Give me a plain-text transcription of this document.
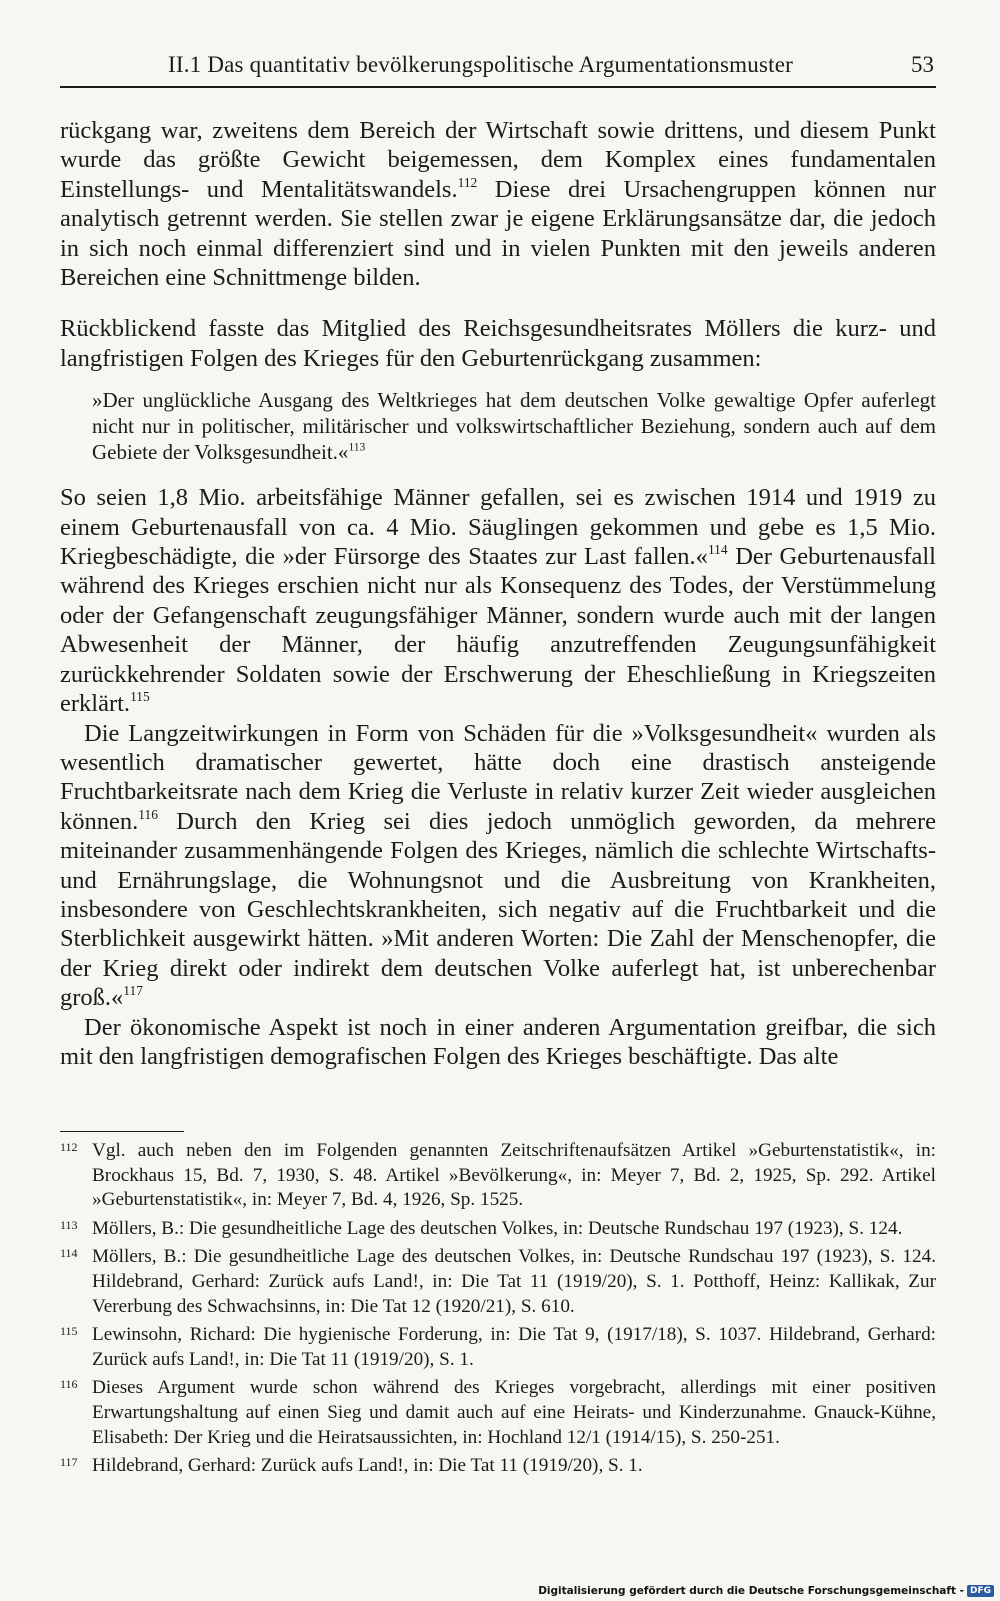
II.1 Das quantitativ bevölkerungspolitische Argumentationsmuster	53

rückgang war, zweitens dem Bereich der Wirtschaft sowie drittens, und diesem Punkt wurde das größte Gewicht beigemessen, dem Komplex eines fundamentalen Einstellungs- und Mentalitätswandels.$^{112}$ Diese drei Ursachengruppen können nur analytisch getrennt werden. Sie stellen zwar je eigene Erklärungsansätze dar, die jedoch in sich noch einmal differenziert sind und in vielen Punkten mit den jeweils anderen Bereichen eine Schnittmenge bilden.

Rückblickend fasste das Mitglied des Reichsgesundheitsrates Möllers die kurz- und langfristigen Folgen des Krieges für den Geburtenrückgang zusammen:

»Der unglückliche Ausgang des Weltkrieges hat dem deutschen Volke gewaltige Opfer auferlegt nicht nur in politischer, militärischer und volkswirtschaftlicher Beziehung, sondern auch auf dem Gebiete der Volksgesundheit.«$^{113}$

So seien 1,8 Mio. arbeitsfähige Männer gefallen, sei es zwischen 1914 und 1919 zu einem Geburtenausfall von ca. 4 Mio. Säuglingen gekommen und gebe es 1,5 Mio. Kriegbeschädigte, die »der Fürsorge des Staates zur Last fallen.«$^{114}$ Der Geburtenausfall während des Krieges erschien nicht nur als Konsequenz des Todes, der Verstümmelung oder der Gefangenschaft zeugungsfähiger Männer, sondern wurde auch mit der langen Abwesenheit der Männer, der häufig anzutreffenden Zeugungsunfähigkeit zurückkehrender Soldaten sowie der Erschwerung der Eheschließung in Kriegszeiten erklärt.$^{115}$

Die Langzeitwirkungen in Form von Schäden für die »Volksgesundheit« wurden als wesentlich dramatischer gewertet, hätte doch eine drastisch ansteigende Fruchtbarkeitsrate nach dem Krieg die Verluste in relativ kurzer Zeit wieder ausgleichen können.$^{116}$ Durch den Krieg sei dies jedoch unmöglich geworden, da mehrere miteinander zusammenhängende Folgen des Krieges, nämlich die schlechte Wirtschafts- und Ernährungslage, die Wohnungsnot und die Ausbreitung von Krankheiten, insbesondere von Geschlechtskrankheiten, sich negativ auf die Fruchtbarkeit und die Sterblichkeit ausgewirkt hätten. »Mit anderen Worten: Die Zahl der Menschenopfer, die der Krieg direkt oder indirekt dem deutschen Volke auferlegt hat, ist unberechenbar groß.«$^{117}$

Der ökonomische Aspekt ist noch in einer anderen Argumentation greifbar, die sich mit den langfristigen demografischen Folgen des Krieges beschäftigte. Das alte

112 Vgl. auch neben den im Folgenden genannten Zeitschriftenaufsätzen Artikel »Geburtenstatistik«, in: Brockhaus 15, Bd. 7, 1930, S. 48. Artikel »Bevölkerung«, in: Meyer 7, Bd. 2, 1925, Sp. 292. Artikel »Geburtenstatistik«, in: Meyer 7, Bd. 4, 1926, Sp. 1525.
113 Möllers, B.: Die gesundheitliche Lage des deutschen Volkes, in: Deutsche Rundschau 197 (1923), S. 124.
114 Möllers, B.: Die gesundheitliche Lage des deutschen Volkes, in: Deutsche Rundschau 197 (1923), S. 124. Hildebrand, Gerhard: Zurück aufs Land!, in: Die Tat 11 (1919/20), S. 1. Potthoff, Heinz: Kallikak, Zur Vererbung des Schwachsinns, in: Die Tat 12 (1920/21), S. 610.
115 Lewinsohn, Richard: Die hygienische Forderung, in: Die Tat 9, (1917/18), S. 1037. Hildebrand, Gerhard: Zurück aufs Land!, in: Die Tat 11 (1919/20), S. 1.
116 Dieses Argument wurde schon während des Krieges vorgebracht, allerdings mit einer positiven Erwartungshaltung auf einen Sieg und damit auch auf eine Heirats- und Kinderzunahme. Gnauck-Kühne, Elisabeth: Der Krieg und die Heiratsaussichten, in: Hochland 12/1 (1914/15), S. 250-251.
117 Hildebrand, Gerhard: Zurück aufs Land!, in: Die Tat 11 (1919/20), S. 1.
Digitalisierung gefördert durch die Deutsche Forschungsgemeinschaft - DFG
